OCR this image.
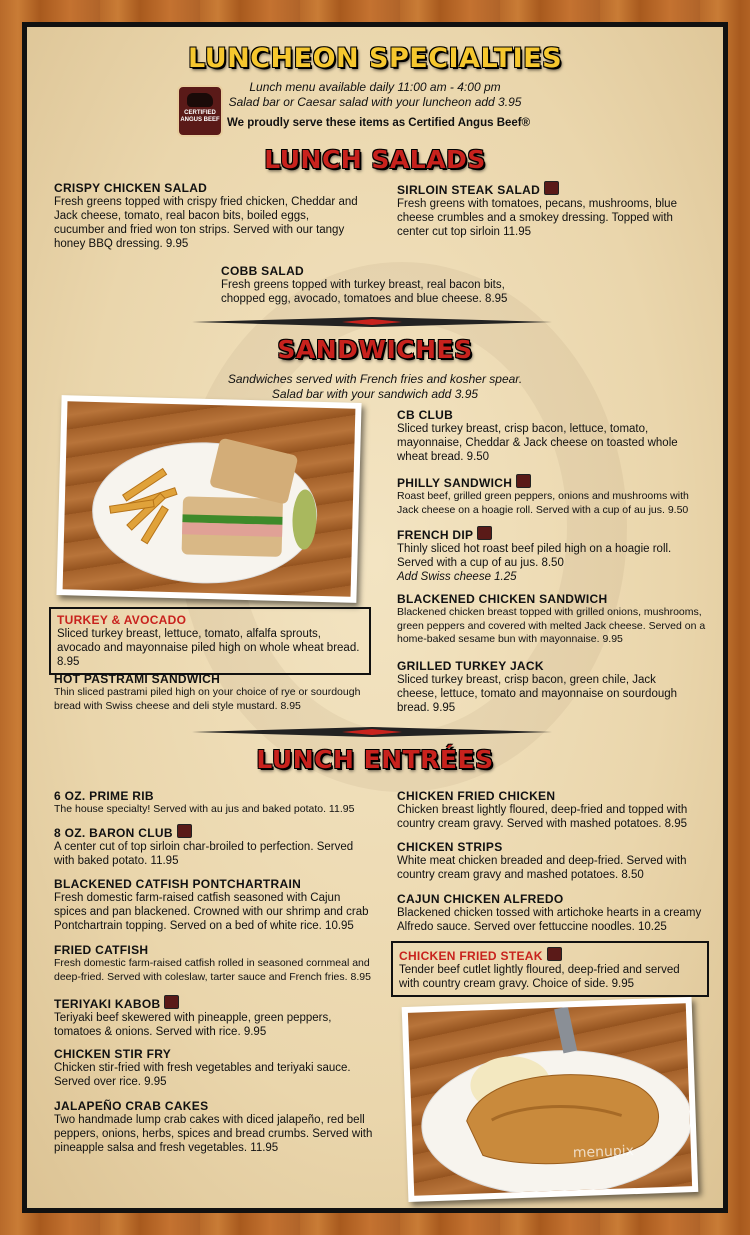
LUNCHEON SPECIALTIES
CERTIFIED ANGUS BEEF
Lunch menu available daily 11:00 am - 4:00 pm
Salad bar or Caesar salad with your luncheon add 3.95
We proudly serve these items as Certified Angus Beef®
LUNCH SALADS
CRISPY CHICKEN SALAD
Fresh greens topped with crispy fried chicken, Cheddar and Jack cheese, tomato, real bacon bits, boiled eggs, cucumber and fried won ton strips. Served with our tangy honey BBQ dressing. 9.95
SIRLOIN STEAK SALAD
Fresh greens with tomatoes, pecans, mushrooms, blue cheese crumbles and a smokey dressing. Topped with center cut top sirloin 11.95
COBB SALAD
Fresh greens topped with turkey breast, real bacon bits, chopped egg, avocado, tomatoes and blue cheese. 8.95
SANDWICHES
Sandwiches served with French fries and kosher spear.
Salad bar with your sandwich add 3.95
CB CLUB
Sliced turkey breast, crisp bacon, lettuce, tomato, mayonnaise, Cheddar & Jack cheese on toasted whole wheat bread. 9.50
PHILLY SANDWICH
Roast beef, grilled green peppers, onions and mushrooms with Jack cheese on a hoagie roll. Served with a cup of au jus. 9.50
FRENCH DIP
Thinly sliced hot roast beef piled high on a hoagie roll. Served with a cup of au jus. 8.50
Add Swiss cheese 1.25
BLACKENED CHICKEN SANDWICH
Blackened chicken breast topped with grilled onions, mushrooms, green peppers and covered with melted Jack cheese. Served on a home-baked sesame bun with mayonnaise. 9.95
GRILLED TURKEY JACK
Sliced turkey breast, crisp bacon, green chile, Jack cheese, lettuce, tomato and mayonnaise on sourdough bread. 9.95
TURKEY & AVOCADO
Sliced turkey breast, lettuce, tomato, alfalfa sprouts, avocado and mayonnaise piled high on whole wheat bread. 8.95
HOT PASTRAMI SANDWICH
Thin sliced pastrami piled high on your choice of rye or sourdough bread with Swiss cheese and deli style mustard. 8.95
LUNCH ENTRÉES
6 OZ. PRIME RIB
The house specialty! Served with au jus and baked potato. 11.95
8 OZ. BARON CLUB
A center cut of top sirloin char-broiled to perfection. Served with baked potato. 11.95
BLACKENED CATFISH PONTCHARTRAIN
Fresh domestic farm-raised catfish seasoned with Cajun spices and pan blackened. Crowned with our shrimp and crab Pontchartrain topping. Served on a bed of white rice. 10.95
FRIED CATFISH
Fresh domestic farm-raised catfish rolled in seasoned cornmeal and deep-fried. Served with coleslaw, tarter sauce and French fries. 8.95
TERIYAKI KABOB
Teriyaki beef skewered with pineapple, green peppers, tomatoes & onions. Served with rice. 9.95
CHICKEN STIR FRY
Chicken stir-fried with fresh vegetables and teriyaki sauce. Served over rice. 9.95
JALAPEÑO CRAB CAKES
Two handmade lump crab cakes with diced jalapeño, red bell peppers, onions, herbs, spices and bread crumbs. Served with pineapple salsa and fresh vegetables. 11.95
CHICKEN FRIED CHICKEN
Chicken breast lightly floured, deep-fried and topped with country cream gravy. Served with mashed potatoes. 8.95
CHICKEN STRIPS
White meat chicken breaded and deep-fried. Served with country cream gravy and mashed potatoes. 8.50
CAJUN CHICKEN ALFREDO
Blackened chicken tossed with artichoke hearts in a creamy Alfredo sauce. Served over fettuccine noodles. 10.25
CHICKEN FRIED STEAK
Tender beef cutlet lightly floured, deep-fried and served with country cream gravy. Choice of side. 9.95
menupix
